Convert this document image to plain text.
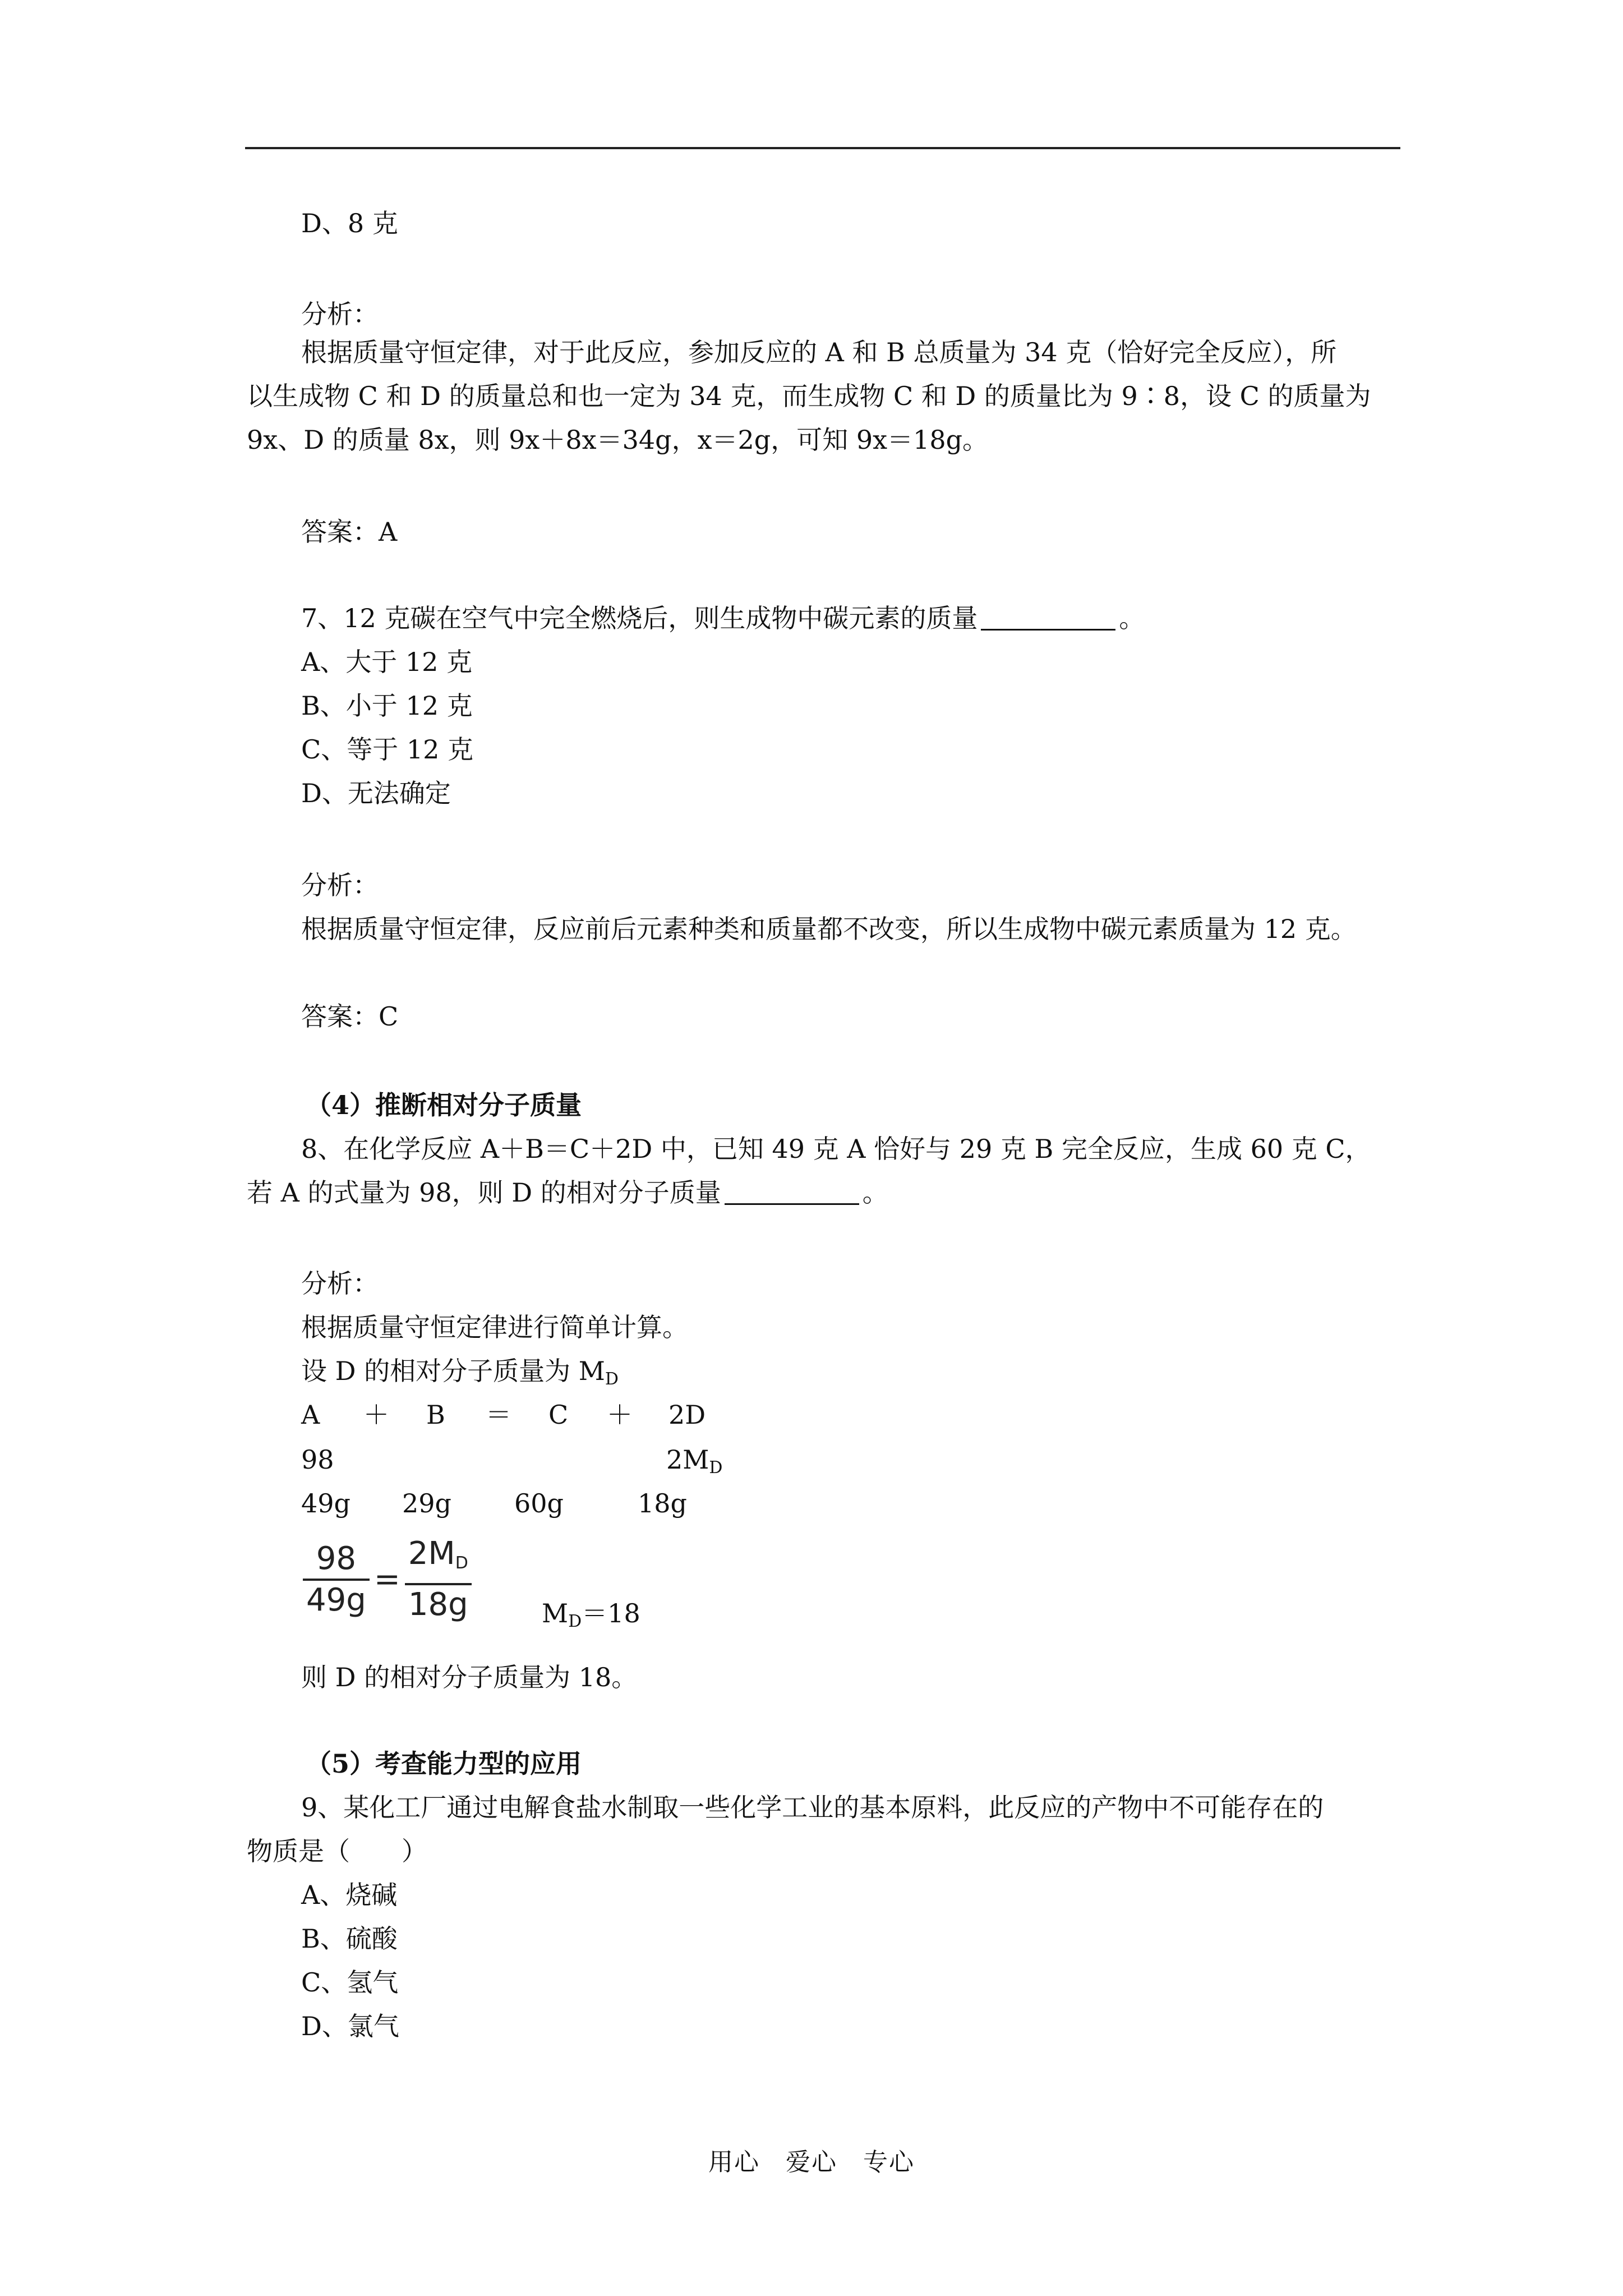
D、8 克
分析：
根据质量守恒定律，对于此反应，参加反应的 A 和 B 总质量为 34 克（恰好完全反应），所
以生成物 C 和 D 的质量总和也一定为 34 克，而生成物 C 和 D 的质量比为 9∶8，设 C 的质量为
9x、D 的质量 8x，则 9x＋8x＝34g，x＝2g，可知 9x＝18g。
答案：A
7、12 克碳在空气中完全燃烧后，则生成物中碳元素的质量	。
A、大于 12 克
B、小于 12 克
C、等于 12 克
D、无法确定
分析：
根据质量守恒定律，反应前后元素种类和质量都不改变，所以生成物中碳元素质量为 12 克。
答案：C
（4）推断相对分子质量
8、在化学反应 A＋B＝C＋2D 中，已知 49 克 A 恰好与 29 克 B 完全反应，生成 60 克 C，
若 A 的式量为 98，则 D 的相对分子质量	。
分析：
根据质量守恒定律进行简单计算。
设 D 的相对分子质量为 $M_D$
A ＋ B ＝ C ＋ 2D
98	$2M_D$
49g 29g 60g	18g
$\frac{98}{49g} = \frac{2M_D}{18g}$	$M_D=18$
则 D 的相对分子质量为 18。
（5）考查能力型的应用
9、某化工厂通过电解食盐水制取一些化学工业的基本原料，此反应的产物中不可能存在的
物质是（　　）
A、烧碱
B、硫酸
C、氢气
D、氯气
用心　爱心　专心
